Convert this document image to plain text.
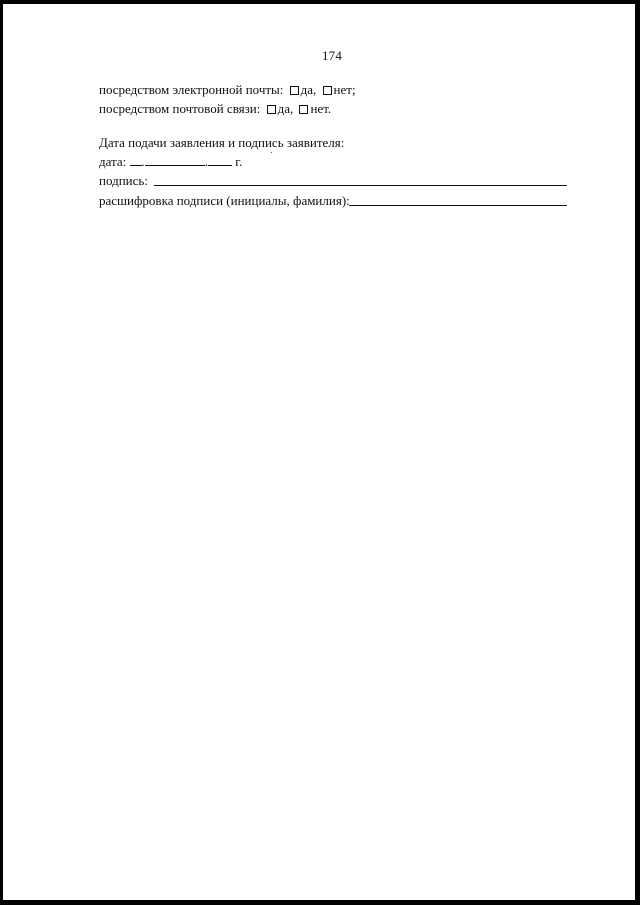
174
посредством электронной почты: да, нет;
посредством почтовой связи: да, нет.
Дата подачи заявления и подпись заявителя:
дата: .	. г.
подпись:
расшифровка подписи (инициалы, фамилия):
